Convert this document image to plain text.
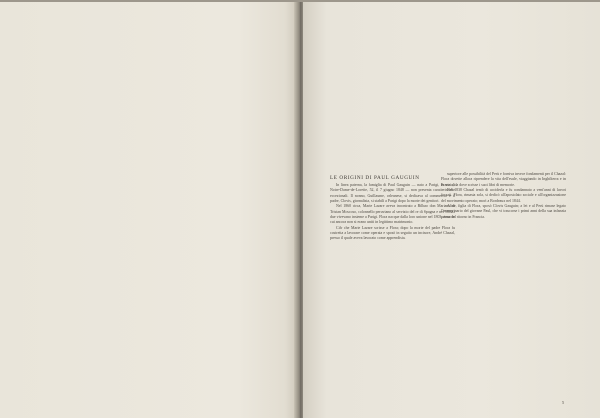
LE ORIGINI DI PAUL GAUGUIN

In linea paterna, la famiglia di Paul Gauguin — nato a Parigi, in via di Notre-Dame-de-Lorette, 52, il 7 giugno 1848 — non presenta caratteristiche eccezionali. Il nonno, Guillaume, orleanese, si dedicava al commercio e il padre, Clovis, giornalista, si stabilì a Parigi dopo la morte dei genitori.

Nel 1860 circa, Marie Lazare aveva incontrato a Bilbao don Mariano di Tristan Moscoso, colonnello peruviano al servizio del re di Spagna e nel 1802 i due vivevano insieme a Parigi. Flora nacque dalla loro unione nel 1803, anno in cui ancora non si erano uniti in legittimo matrimonio.

Cifr che Marie Lazare scrisse a Flora; dopo la morte del padre Flora fu costretta a lavorare come operaia e sposò in seguito un incisore, André Chazal, presso il quale aveva lavorato come apprendista.

superiore alle possibilità del Perù e forniva invece fondamenti per il Chazal: Flora dovette allora riprendere la vita dell'esule, viaggiando in Inghilterra e in Francia, da dove scrisse i suoi libri di memorie.

Nel 1838 Chazal tentò di ucciderla e fu condannato a vent'anni di lavori forzati. Flora, rimasta sola, si dedicò all'apostolato sociale e all'organizzazione del movimento operaio; morì a Bordeaux nel 1844.

Aline, figlia di Flora, sposò Clovis Gauguin; a lei e al Perù rimase legato l'immaginario del giovane Paul, che vi trascorse i primi anni della sua infanzia prima del ritorno in Francia.

5
